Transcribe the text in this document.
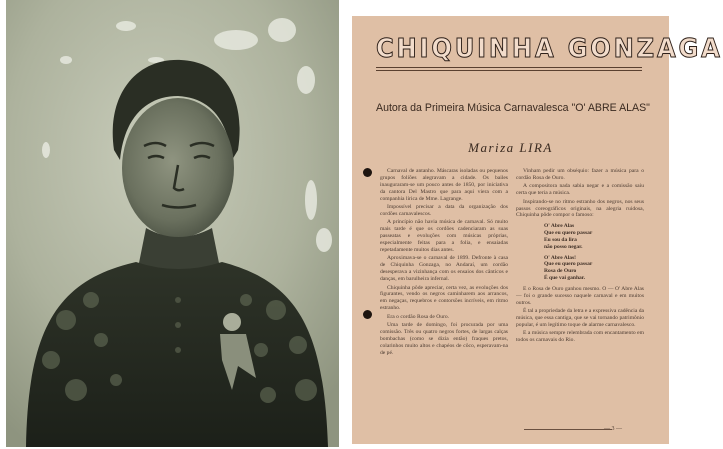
CHIQUINHA GONZAGA
Autora da Primeira Música Carnavalesca "O' ABRE ALAS"
Mariza LIRA

Carnaval de antanho. Máscaras isoladas ou pequenos grupos foliões alegravam a cidade. Os bailes inauguraram-se um pouco antes de 1850, por iniciativa da cantora Del Mastro que para aqui viera com a companhia lírica de Mme. Lagrange.

Impossível precisar a data da organização dos cordões carnavalescos.

A princípio não havia música de carnaval. Só muito mais tarde é que os cordões cadenciaram as suas passeatas e evoluções com músicas próprias, especialmente feitas para a folia, e ensaiadas repetadamente muitos dias antes.

Aproximava-se o carnaval de 1899. Defronte à casa de Chiquinha Gonzaga, no Andaraí, um cordão desesperava a vizinhança com os ensaios dos cânticos e danças, em barulheira infernal.

Chiquinha pôde apreciar, certa vez, as evoluções dos figurantes, vendo os negros caminharem aos arrancos, em negaças, requebros e contorsões incríveis, em ritmo estranho.

Era o cordão Rosa de Ouro.

Uma tarde de domingo, foi procurada por uma comissão. Três ou quatro negros fortes, de largas calças bombachas (como se dizia então) fraques pretos, colarinhos muito altos e chapéos de côco, esperavam-na de pé.

Vinham pedir um obséquio: fazer a música para o cordão Rosa de Ouro.

A compositora nada sabia negar e a comissão saiu certa que teria a música.

Inspirando-se no ritmo estranho dos negros, nos seus passos coreográficos originais, na alegria ruidosa, Chiquinha pôde compor o famoso:

O' Abre Alas
Que eu quero passar
Eu sou da lira
não posso negar.
O' Abre Alas!
Que eu quero passar
Rosa de Ouro
É que vai ganhar.

E o Rosa de Ouro ganhou mesmo. O — O' Abre Alas — foi o grande sucesso naquele carnaval e em muitos outros.

É tal a propriedade da letra e a expressiva cadência da música, que essa cantiga, que se vai tornando patrimônio popular, é um legítimo toque de alarme carnavalesco.

E a música sempre relembrada com encantamento em todos os carnavais do Rio.

— 3 —
